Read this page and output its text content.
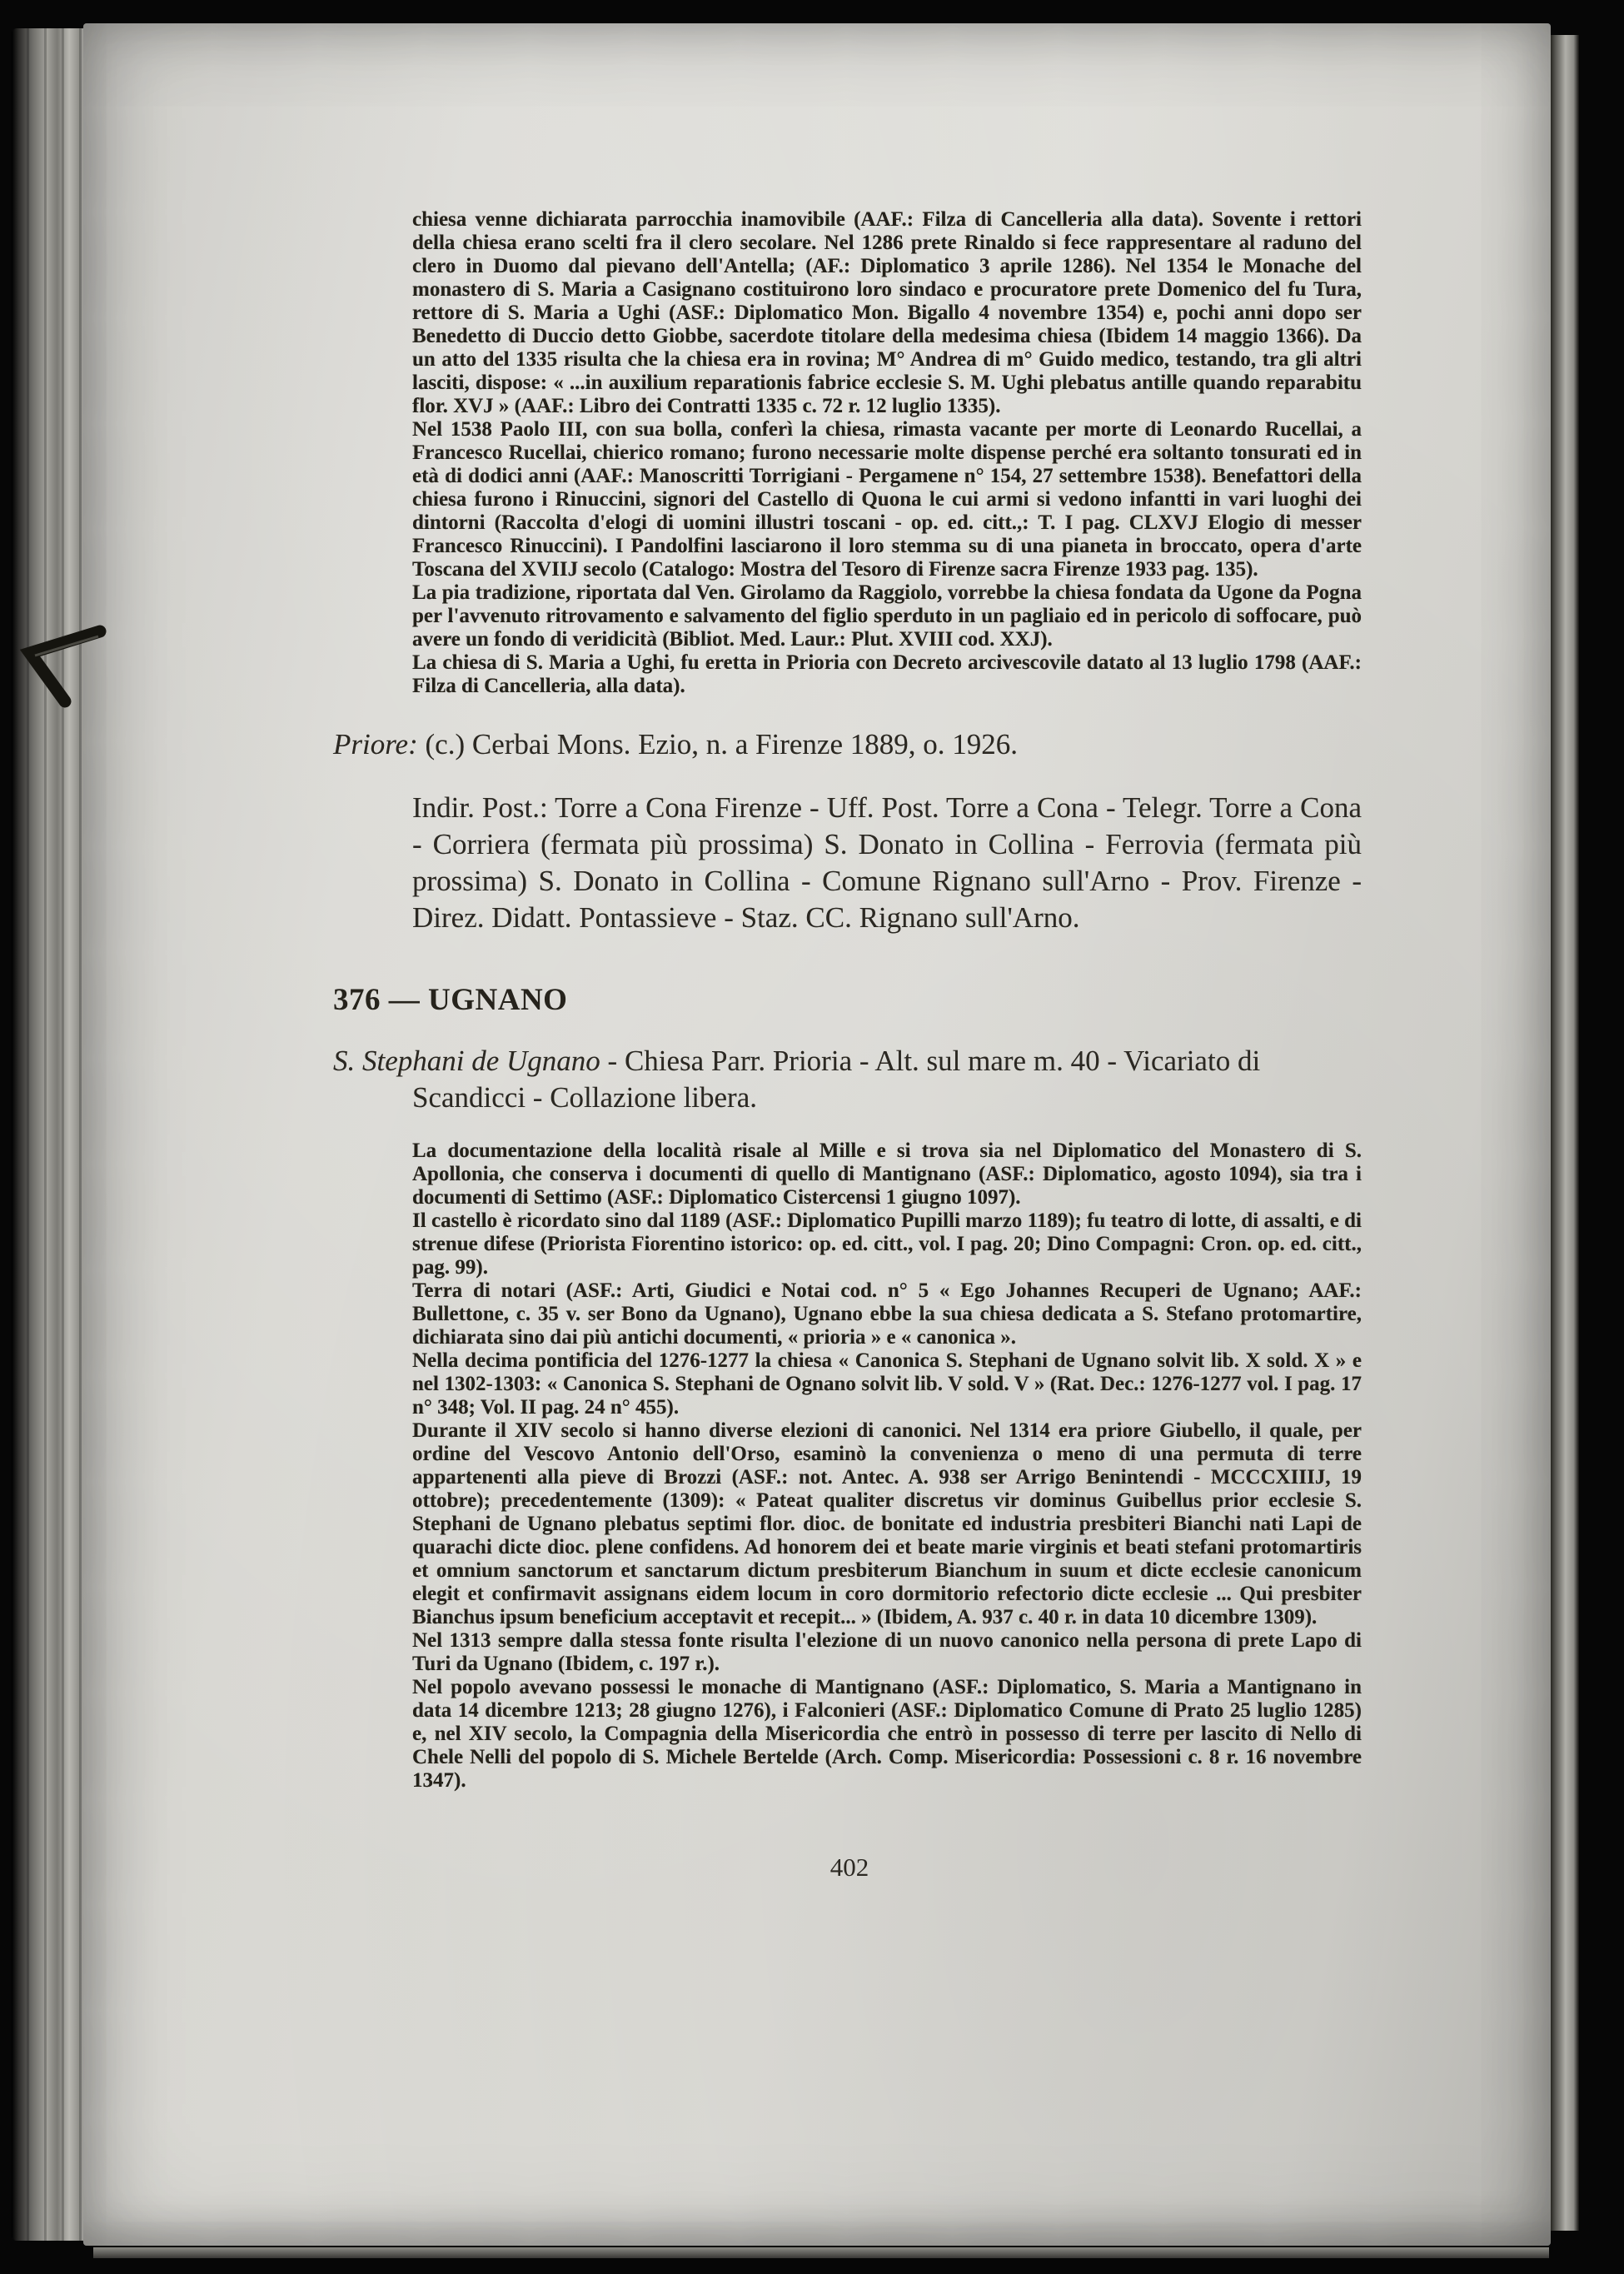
chiesa venne dichiarata parrocchia inamovibile (AAF.: Filza di Cancelleria alla data). Sovente i rettori della chiesa erano scelti fra il clero secolare. Nel 1286 prete Rinaldo si fece rappresentare al raduno del clero in Duomo dal pievano dell'Antella; (AF.: Diplomatico 3 aprile 1286). Nel 1354 le Monache del monastero di S. Maria a Casignano costituirono loro sindaco e procuratore prete Domenico del fu Tura, rettore di S. Maria a Ughi (ASF.: Diplomatico Mon. Bigallo 4 novembre 1354) e, pochi anni dopo ser Benedetto di Duccio detto Giobbe, sacerdote titolare della medesima chiesa (Ibidem 14 maggio 1366). Da un atto del 1335 risulta che la chiesa era in rovina; M° Andrea di m° Guido medico, testando, tra gli altri lasciti, dispose: « ...in auxilium reparationis fabrice ecclesie S. M. Ughi plebatus antille quando reparabitu flor. XVJ » (AAF.: Libro dei Contratti 1335 c. 72 r. 12 luglio 1335).

Nel 1538 Paolo III, con sua bolla, conferì la chiesa, rimasta vacante per morte di Leonardo Rucellai, a Francesco Rucellai, chierico romano; furono necessarie molte dispense perché era soltanto tonsurati ed in età di dodici anni (AAF.: Manoscritti Torrigiani - Pergamene n° 154, 27 settembre 1538). Benefattori della chiesa furono i Rinuccini, signori del Castello di Quona le cui armi si vedono infantti in vari luoghi dei dintorni (Raccolta d'elogi di uomini illustri toscani - op. ed. citt.,: T. I pag. CLXVJ Elogio di messer Francesco Rinuccini). I Pandolfini lasciarono il loro stemma su di una pianeta in broccato, opera d'arte Toscana del XVIIJ secolo (Catalogo: Mostra del Tesoro di Firenze sacra Firenze 1933 pag. 135).

La pia tradizione, riportata dal Ven. Girolamo da Raggiolo, vorrebbe la chiesa fondata da Ugone da Pogna per l'avvenuto ritrovamento e salvamento del figlio sperduto in un pagliaio ed in pericolo di soffocare, può avere un fondo di veridicità (Bibliot. Med. Laur.: Plut. XVIII cod. XXJ).

La chiesa di S. Maria a Ughi, fu eretta in Prioria con Decreto arcivescovile datato al 13 luglio 1798 (AAF.: Filza di Cancelleria, alla data).

Priore: (c.) Cerbai Mons. Ezio, n. a Firenze 1889, o. 1926.

Indir. Post.: Torre a Cona Firenze - Uff. Post. Torre a Cona - Telegr. Torre a Cona - Corriera (fermata più prossima) S. Donato in Collina - Ferrovia (fermata più prossima) S. Donato in Collina - Comune Rignano sull'Arno - Prov. Firenze - Direz. Didatt. Pontassieve - Staz. CC. Rignano sull'Arno.

376 — UGNANO

S. Stephani de Ugnano - Chiesa Parr. Prioria - Alt. sul mare m. 40 - Vicariato di Scandicci - Collazione libera.

La documentazione della località risale al Mille e si trova sia nel Diplomatico del Monastero di S. Apollonia, che conserva i documenti di quello di Mantignano (ASF.: Diplomatico, agosto 1094), sia tra i documenti di Settimo (ASF.: Diplomatico Cistercensi 1 giugno 1097).

Il castello è ricordato sino dal 1189 (ASF.: Diplomatico Pupilli marzo 1189); fu teatro di lotte, di assalti, e di strenue difese (Priorista Fiorentino istorico: op. ed. citt., vol. I pag. 20; Dino Compagni: Cron. op. ed. citt., pag. 99).

Terra di notari (ASF.: Arti, Giudici e Notai cod. n° 5 « Ego Johannes Recuperi de Ugnano; AAF.: Bullettone, c. 35 v. ser Bono da Ugnano), Ugnano ebbe la sua chiesa dedicata a S. Stefano protomartire, dichiarata sino dai più antichi documenti, « prioria » e « canonica ».

Nella decima pontificia del 1276-1277 la chiesa « Canonica S. Stephani de Ugnano solvit lib. X sold. X » e nel 1302-1303: « Canonica S. Stephani de Ognano solvit lib. V sold. V » (Rat. Dec.: 1276-1277 vol. I pag. 17 n° 348; Vol. II pag. 24 n° 455).

Durante il XIV secolo si hanno diverse elezioni di canonici. Nel 1314 era priore Giubello, il quale, per ordine del Vescovo Antonio dell'Orso, esaminò la convenienza o meno di una permuta di terre appartenenti alla pieve di Brozzi (ASF.: not. Antec. A. 938 ser Arrigo Benintendi - MCCCXIIIJ, 19 ottobre); precedentemente (1309): « Pateat qualiter discretus vir dominus Guibellus prior ecclesie S. Stephani de Ugnano plebatus septimi flor. dioc. de bonitate ed industria presbiteri Bianchi nati Lapi de quarachi dicte dioc. plene confidens. Ad honorem dei et beate marie virginis et beati stefani protomartiris et omnium sanctorum et sanctarum dictum presbiterum Bianchum in suum et dicte ecclesie canonicum elegit et confirmavit assignans eidem locum in coro dormitorio refectorio dicte ecclesie ... Qui presbiter Bianchus ipsum beneficium acceptavit et recepit... » (Ibidem, A. 937 c. 40 r. in data 10 dicembre 1309).

Nel 1313 sempre dalla stessa fonte risulta l'elezione di un nuovo canonico nella persona di prete Lapo di Turi da Ugnano (Ibidem, c. 197 r.).

Nel popolo avevano possessi le monache di Mantignano (ASF.: Diplomatico, S. Maria a Mantignano in data 14 dicembre 1213; 28 giugno 1276), i Falconieri (ASF.: Diplomatico Comune di Prato 25 luglio 1285) e, nel XIV secolo, la Compagnia della Misericordia che entrò in possesso di terre per lascito di Nello di Chele Nelli del popolo di S. Michele Bertelde (Arch. Comp. Misericordia: Possessioni c. 8 r. 16 novembre 1347).

402
